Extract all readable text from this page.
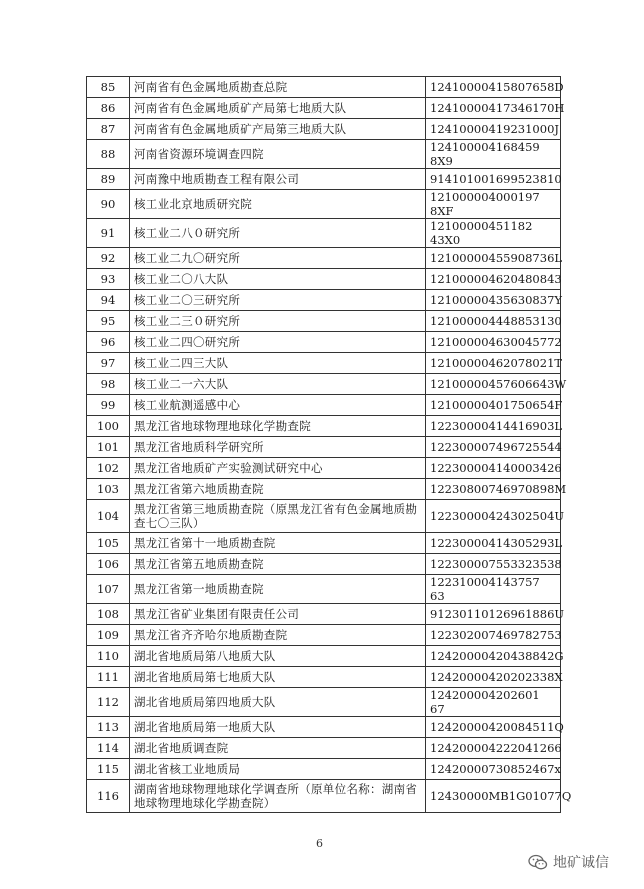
85	河南省有色金属地质勘查总院	12410000415807658D
86	河南省有色金属地质矿产局第七地质大队	12410000417346170H
87	河南省有色金属地质矿产局第三地质大队	12410000419231000J
88	河南省资源环境调查四院	124100004168459 8X9
89	河南豫中地质勘查工程有限公司	914101001699523810
90	核工业北京地质研究院	121000004000197 8XF
91	核工业二八０研究所	12100000451182 43X0
92	核工业二九〇研究所	12100000455908736L
93	核工业二〇八大队	121000004620480843
94	核工业二〇三研究所	12100000435630837Y
95	核工业二三０研究所	121000004448853130
96	核工业二四〇研究所	121000004630045772
97	核工业二四三大队	12100000462078021T
98	核工业二一六大队	12100000457606643W
99	核工业航测遥感中心	12100000401750654F
100	黑龙江省地球物理地球化学勘查院	12230000414416903L
101	黑龙江省地质科学研究所	122300007496725544
102	黑龙江省地质矿产实验测试研究中心	122300004140003426
103	黑龙江省第六地质勘查院	12230800746970898M
104	黑龙江省第三地质勘查院（原黑龙江省有色金属地质勘查七〇三队）	12230000424302504U
105	黑龙江省第十一地质勘查院	12230000414305293L
106	黑龙江省第五地质勘查院	122300007553323538
107	黑龙江省第一地质勘查院	122310004143757 63
108	黑龙江省矿业集团有限责任公司	91230110126961886U
109	黑龙江省齐齐哈尔地质勘查院	122302007469782753
110	湖北省地质局第八地质大队	12420000420438842G
111	湖北省地质局第七地质大队	12420000420202338X
112	湖北省地质局第四地质大队	124200004202601 67
113	湖北省地质局第一地质大队	12420000420084511Q
114	湖北省地质调查院	124200004222041266
115	湖北省核工业地质局	12420000730852467x
116	湖南省地球物理地球化学调查所（原单位名称：湖南省地球物理地球化学勘查院）	12430000MB1G01077Q
6
地矿诚信
